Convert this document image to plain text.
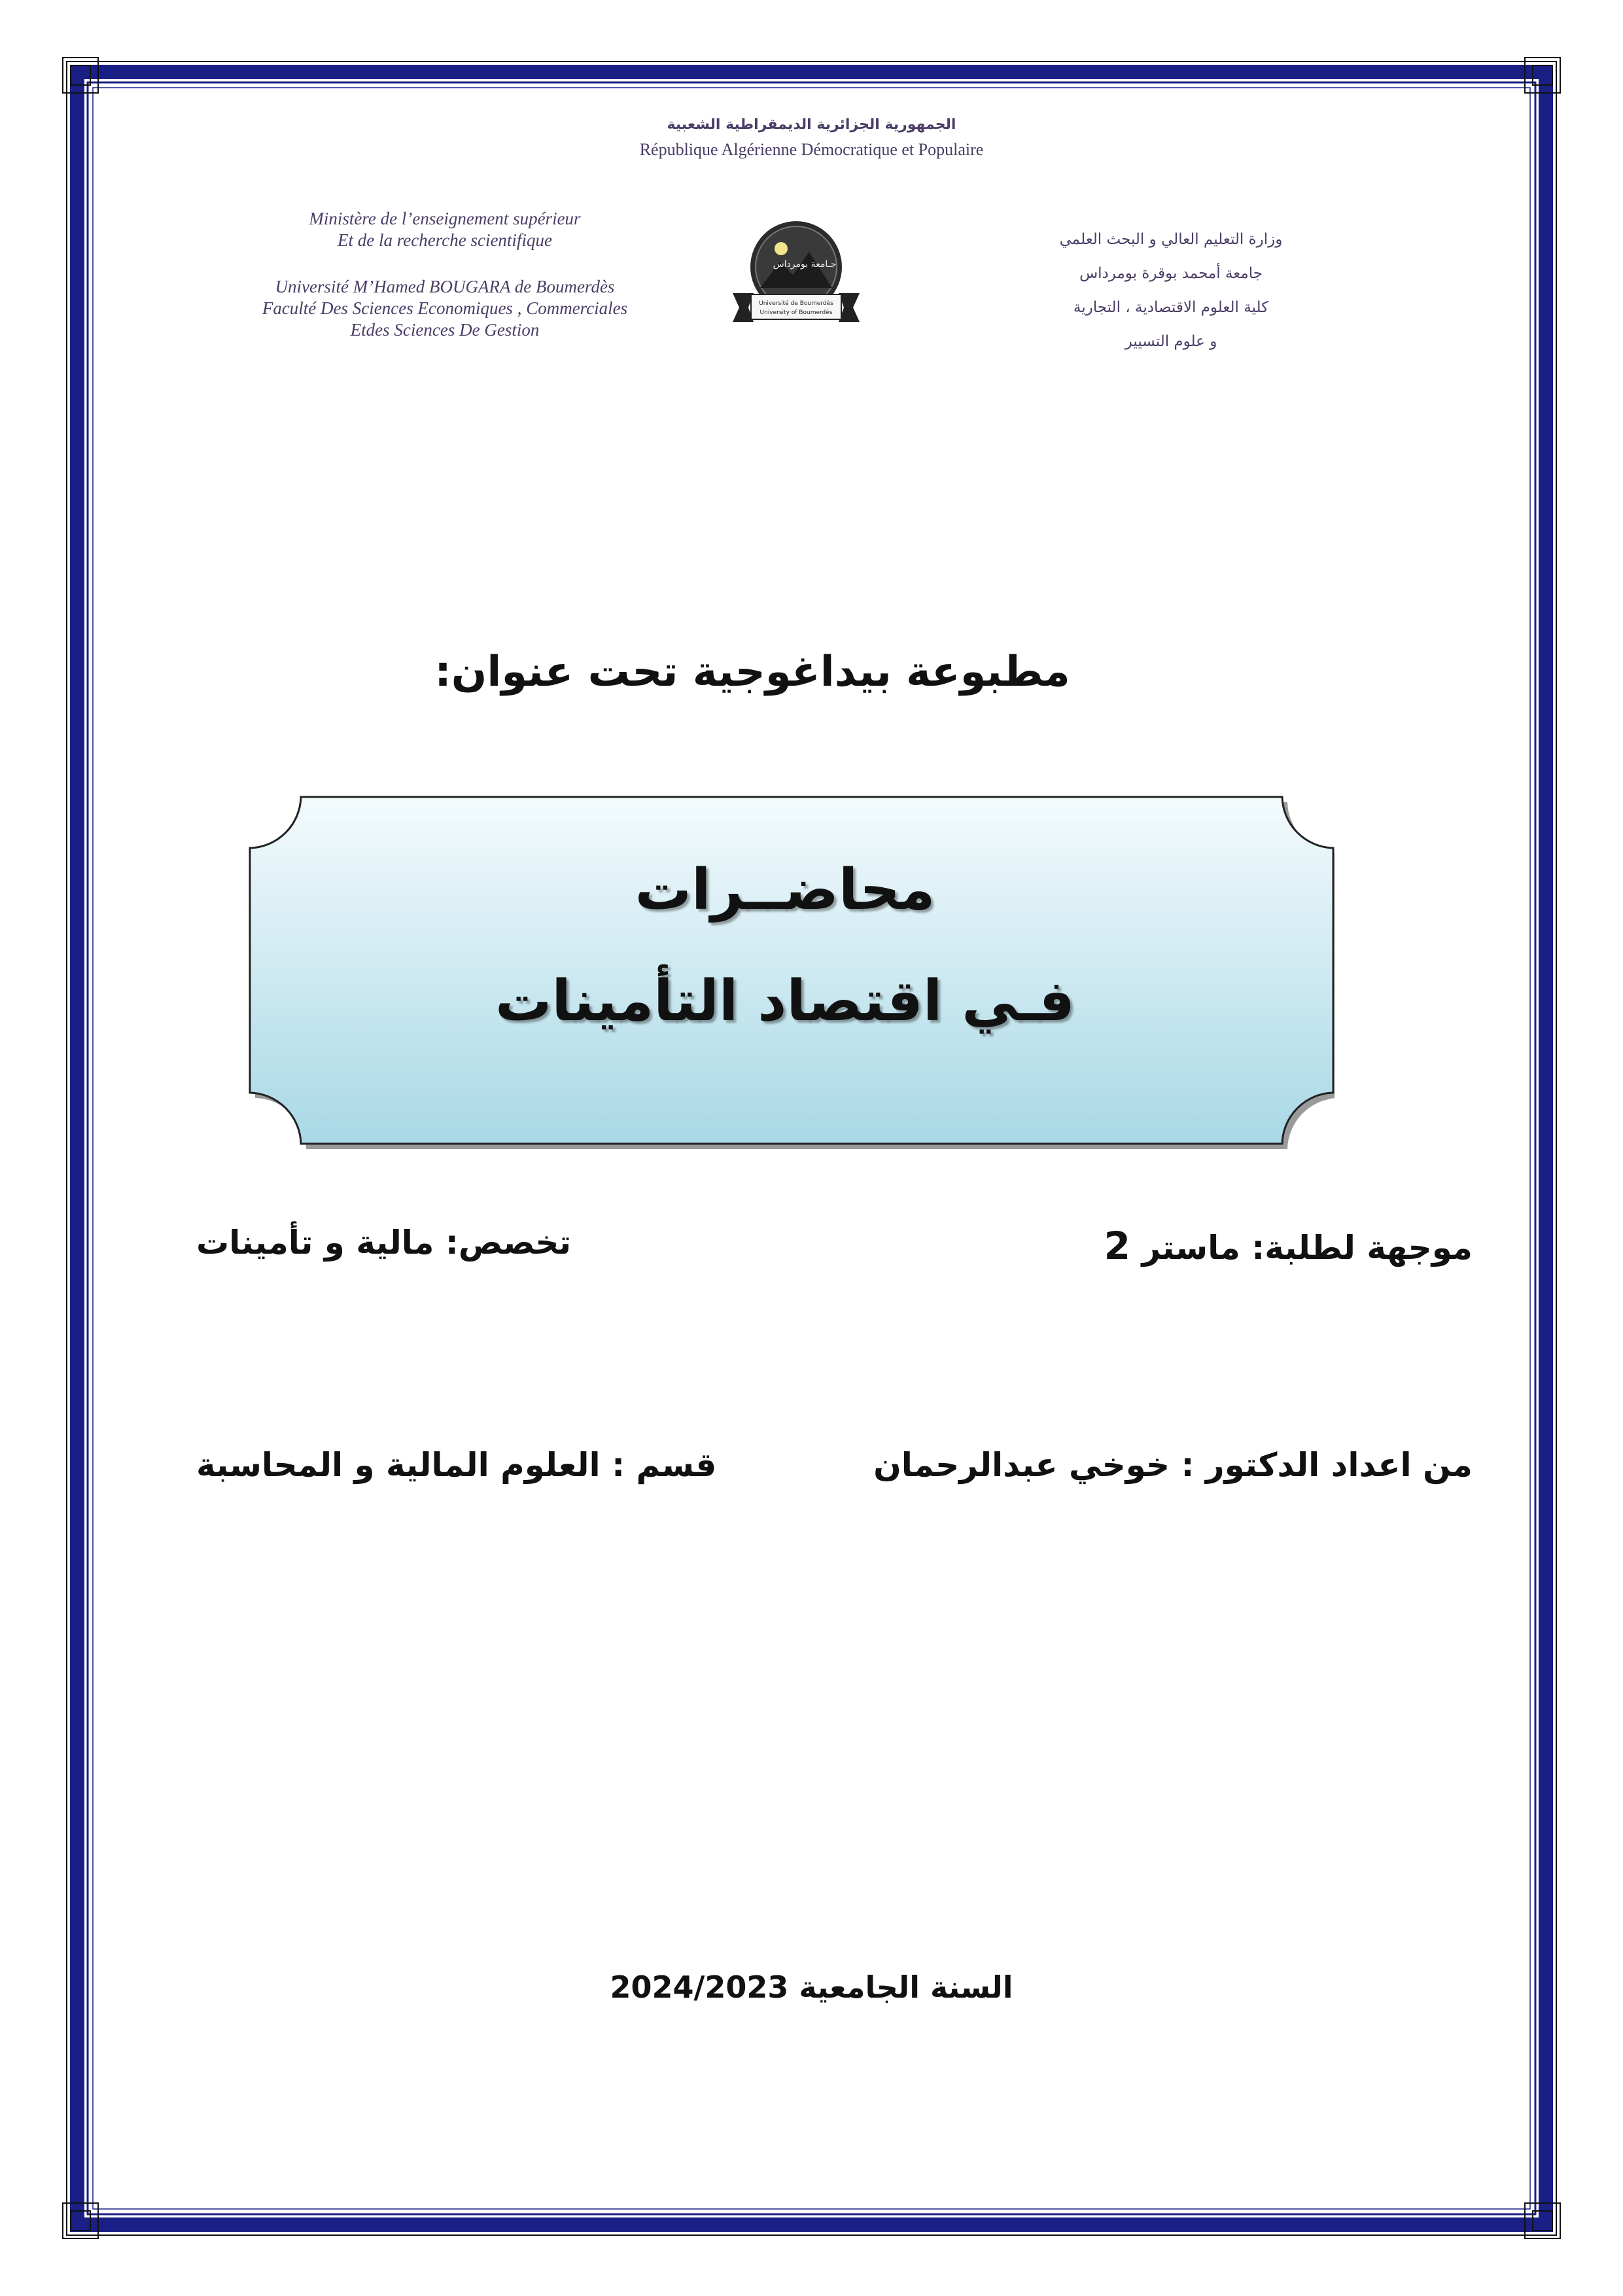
الجمهورية الجزائرية الديمقراطية الشعبية
République Algérienne Démocratique et Populaire
Ministère de l’enseignement supérieur
Et de la recherche scientifique
Université M’Hamed BOUGARA de Boumerdès
Faculté Des Sciences Economiques , Commerciales
Etdes Sciences De Gestion
Université de Boumerdès
University of Boumerdès
جـامعة بومرداس
وزارة التعليم العالي و البحث العلمي
جامعة أمحمد بوقرة بومرداس
كلية العلوم الاقتصادية ، التجارية
و علوم التسيير
مطبوعة بيداغوجية تحت عنوان:
محاضــرات
فـي اقتصاد التأمينات
موجهة لطلبة: ماستر 2
تخصص: مالية و تأمينات
من اعداد الدكتور : خوخي عبدالرحمان
قسم : العلوم المالية و المحاسبة
السنة الجامعية 2024/2023
